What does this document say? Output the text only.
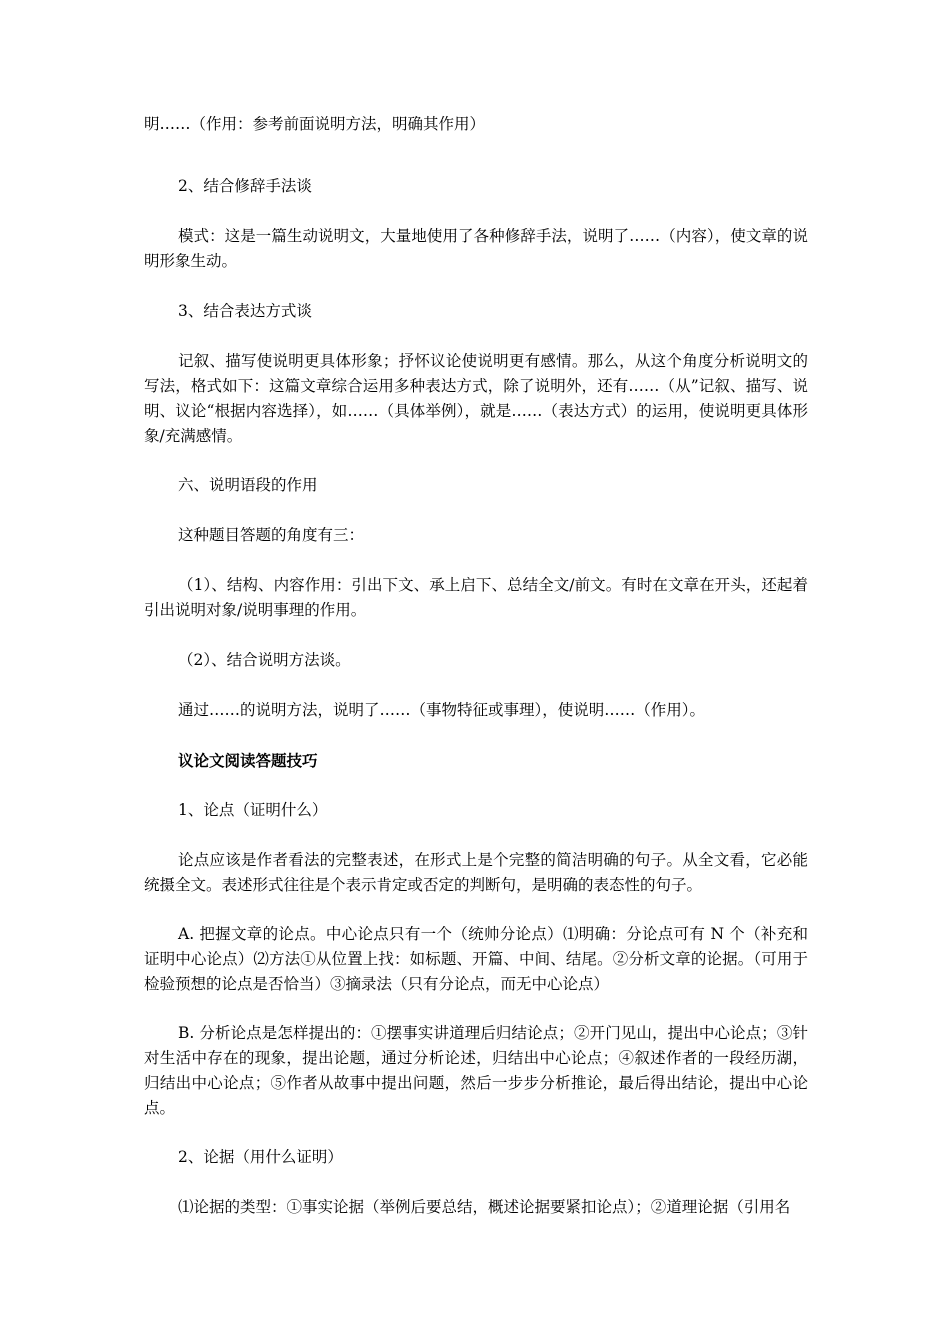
明……（作用：参考前面说明方法，明确其作用）

2、结合修辞手法谈

模式：这是一篇生动说明文，大量地使用了各种修辞手法，说明了……（内容），使文章的说明形象生动。

3、结合表达方式谈

记叙、描写使说明更具体形象；抒怀议论使说明更有感情。那么，从这个角度分析说明文的写法，格式如下：这篇文章综合运用多种表达方式，除了说明外，还有……（从”记叙、描写、说明、议论“根据内容选择），如……（具体举例），就是……（表达方式）的运用，使说明更具体形象/充满感情。

六、说明语段的作用

这种题目答题的角度有三：

（1）、结构、内容作用：引出下文、承上启下、总结全文/前文。有时在文章在开头，还起着引出说明对象/说明事理的作用。

（2）、结合说明方法谈。

通过……的说明方法，说明了……（事物特征或事理），使说明……（作用）。

议论文阅读答题技巧

1、论点（证明什么）

论点应该是作者看法的完整表述，在形式上是个完整的简洁明确的句子。从全文看，它必能统摄全文。表述形式往往是个表示肯定或否定的判断句，是明确的表态性的句子。

A. 把握文章的论点。中心论点只有一个（统帅分论点）⑴明确：分论点可有 N 个（补充和证明中心论点）⑵方法①从位置上找：如标题、开篇、中间、结尾。②分析文章的论据。（可用于检验预想的论点是否恰当）③摘录法（只有分论点，而无中心论点）

B. 分析论点是怎样提出的：①摆事实讲道理后归结论点；②开门见山，提出中心论点；③针对生活中存在的现象，提出论题，通过分析论述，归结出中心论点；④叙述作者的一段经历湖，归结出中心论点；⑤作者从故事中提出问题，然后一步步分析推论，最后得出结论，提出中心论点。

2、论据（用什么证明）

⑴论据的类型：①事实论据（举例后要总结，概述论据要紧扣论点）；②道理论据（引用名
